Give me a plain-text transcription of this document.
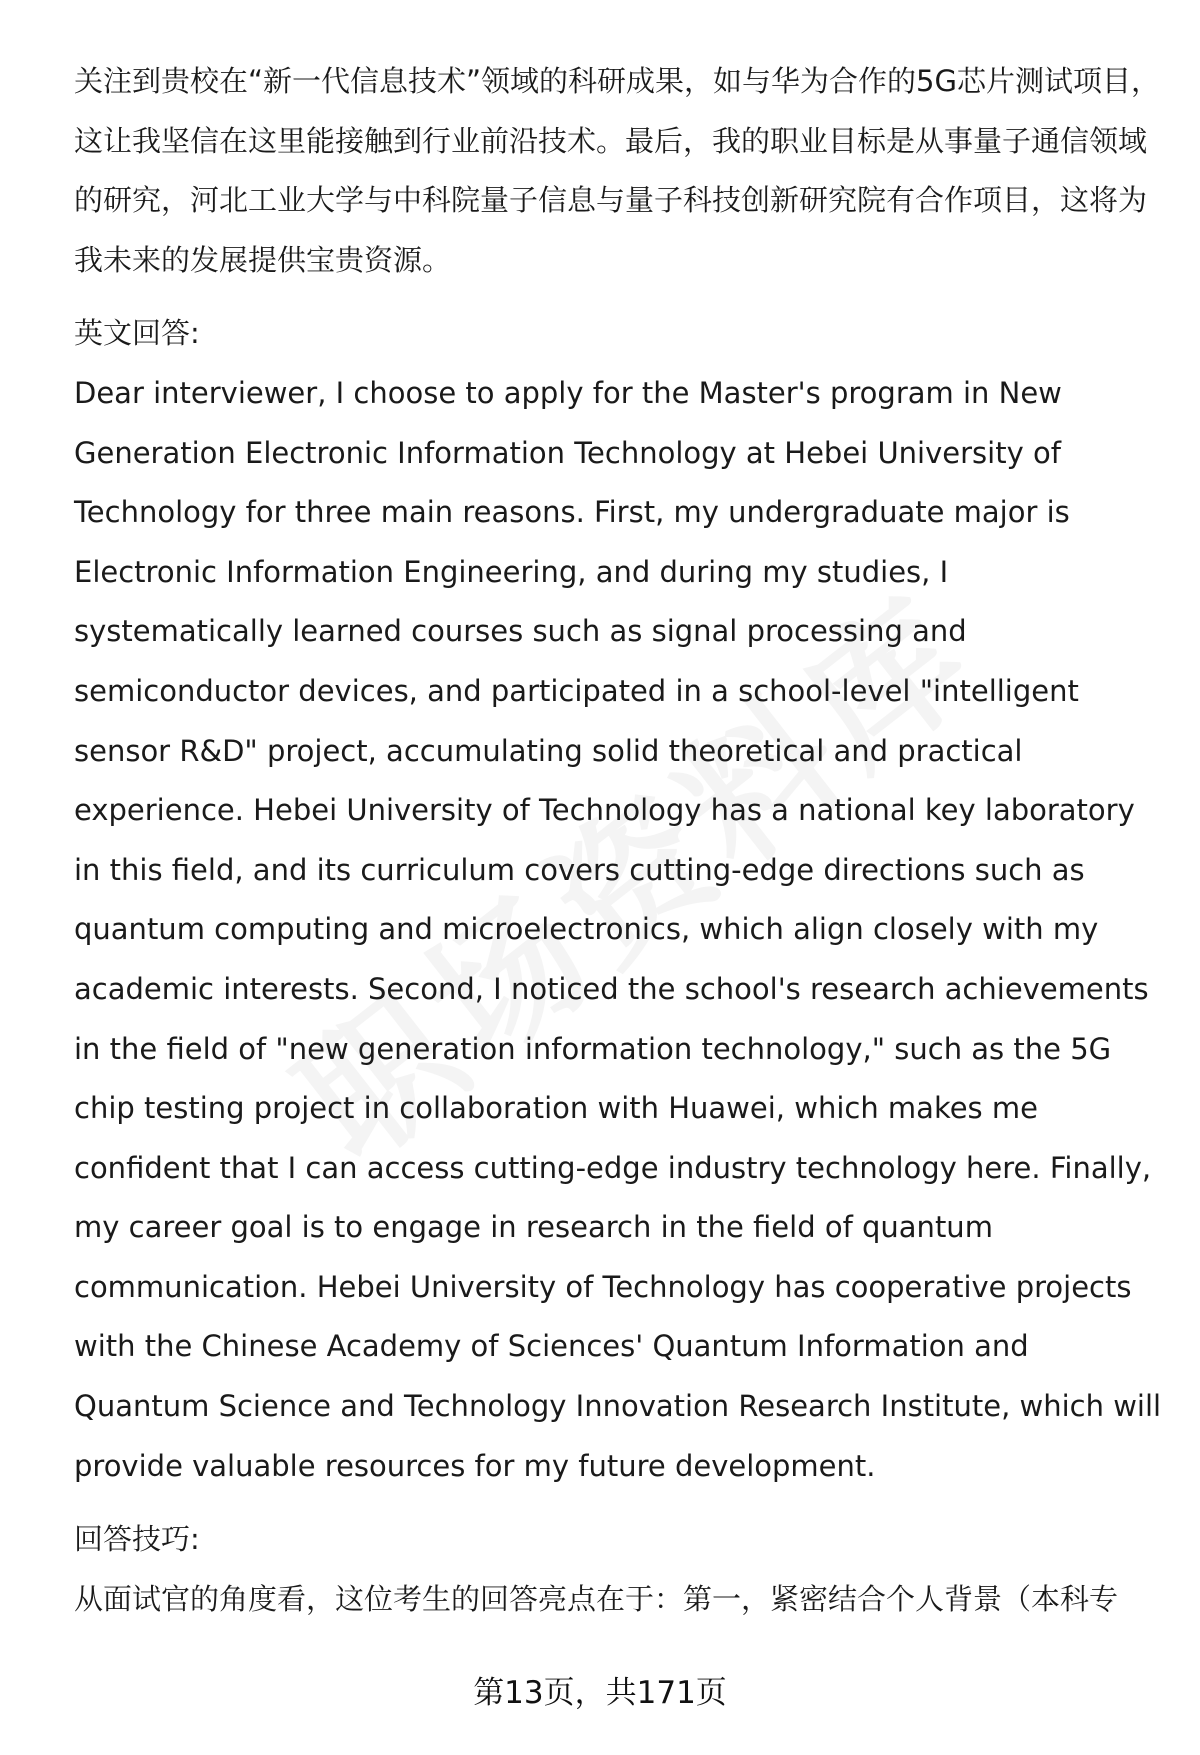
关注到贵校在“新一代信息技术”领域的科研成果，如与华为合作的5G芯片测试项目，这让我坚信在这里能接触到行业前沿技术。最后，我的职业目标是从事量子通信领域的研究，河北工业大学与中科院量子信息与量子科技创新研究院有合作项目，这将为我未来的发展提供宝贵资源。

英文回答:

Dear interviewer, I choose to apply for the Master's program in New Generation Electronic Information Technology at Hebei University of Technology for three main reasons. First, my undergraduate major is Electronic Information Engineering, and during my studies, I systematically learned courses such as signal processing and semiconductor devices, and participated in a school-level "intelligent sensor R&D" project, accumulating solid theoretical and practical experience. Hebei University of Technology has a national key laboratory in this field, and its curriculum covers cutting-edge directions such as quantum computing and microelectronics, which align closely with my academic interests. Second, I noticed the school's research achievements in the field of "new generation information technology," such as the 5G chip testing project in collaboration with Huawei, which makes me confident that I can access cutting-edge industry technology here. Finally, my career goal is to engage in research in the field of quantum communication. Hebei University of Technology has cooperative projects with the Chinese Academy of Sciences' Quantum Information and Quantum Science and Technology Innovation Research Institute, which will provide valuable resources for my future development.

回答技巧:

从面试官的角度看，这位考生的回答亮点在于：第一，紧密结合个人背景（本科专

第13页，共171页
